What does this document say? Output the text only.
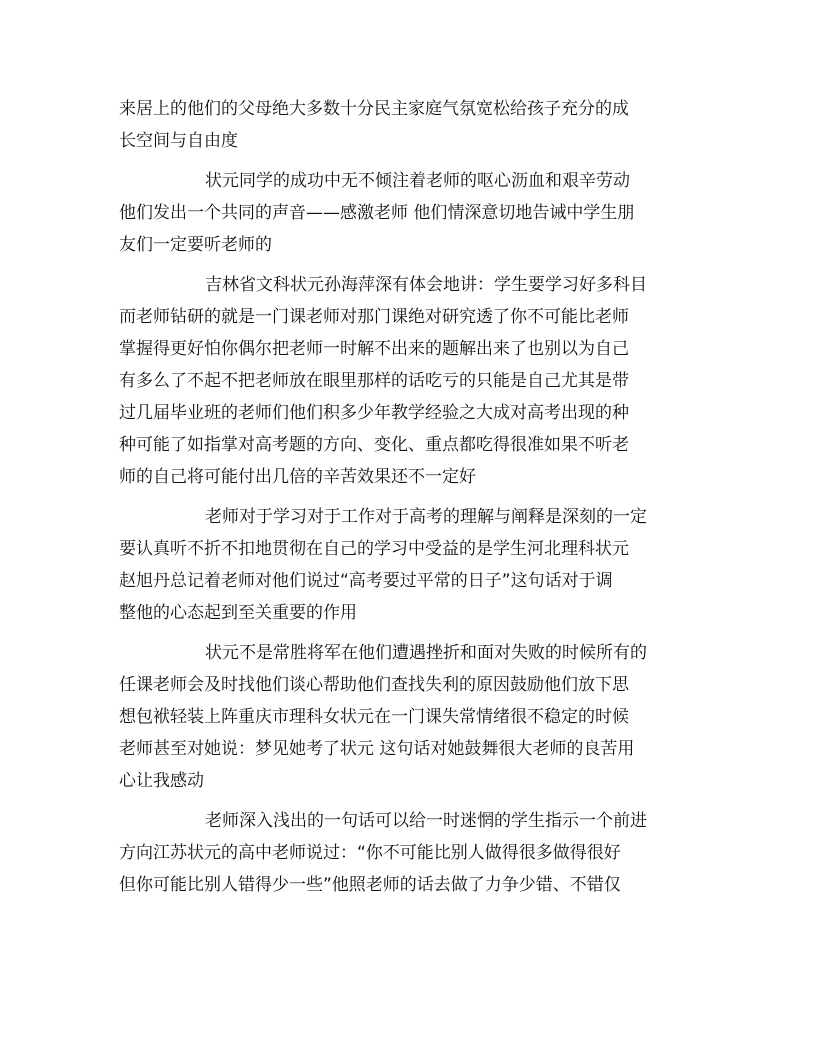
来居上的他们的父母绝大多数十分民主家庭气氛宽松给孩子充分的成
长空间与自由度
状元同学的成功中无不倾注着老师的呕心沥血和艰辛劳动
他们发出一个共同的声音——感激老师 他们情深意切地告诫中学生朋
友们一定要听老师的
吉林省文科状元孙海萍深有体会地讲：学生要学习好多科目
而老师钻研的就是一门课老师对那门课绝对研究透了你不可能比老师
掌握得更好怕你偶尔把老师一时解不出来的题解出来了也别以为自己
有多么了不起不把老师放在眼里那样的话吃亏的只能是自己尤其是带
过几届毕业班的老师们他们积多少年教学经验之大成对高考出现的种
种可能了如指掌对高考题的方向、变化、重点都吃得很准如果不听老
师的自己将可能付出几倍的辛苦效果还不一定好
老师对于学习对于工作对于高考的理解与阐释是深刻的一定
要认真听不折不扣地贯彻在自己的学习中受益的是学生河北理科状元
赵旭丹总记着老师对他们说过“高考要过平常的日子”这句话对于调
整他的心态起到至关重要的作用
状元不是常胜将军在他们遭遇挫折和面对失败的时候所有的
任课老师会及时找他们谈心帮助他们查找失利的原因鼓励他们放下思
想包袱轻装上阵重庆市理科女状元在一门课失常情绪很不稳定的时候
老师甚至对她说：梦见她考了状元 这句话对她鼓舞很大老师的良苦用
心让我感动
老师深入浅出的一句话可以给一时迷惘的学生指示一个前进
方向江苏状元的高中老师说过：“你不可能比别人做得很多做得很好
但你可能比别人错得少一些”他照老师的话去做了力争少错、不错仅
